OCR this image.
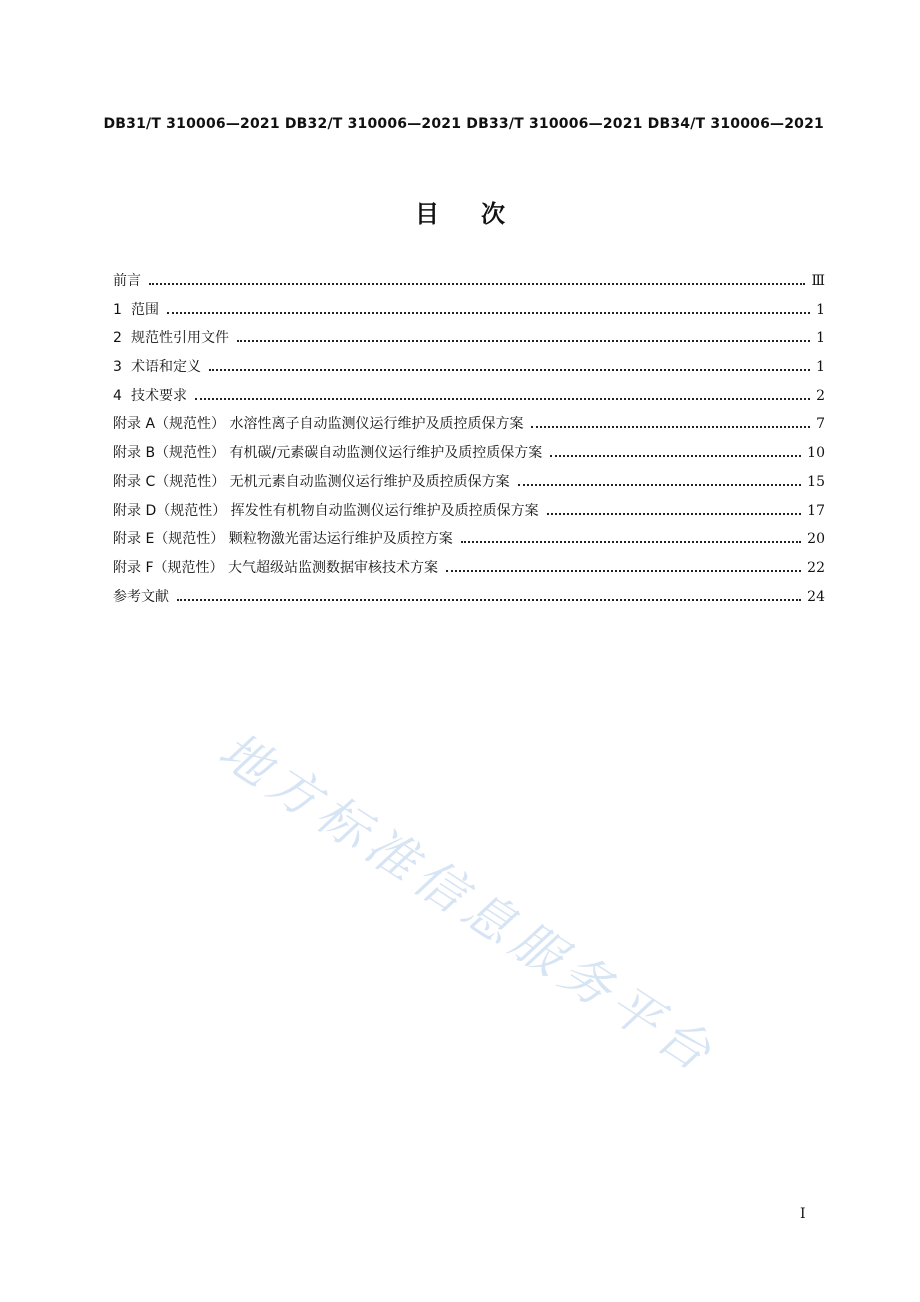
DB31/T 310006—2021 DB32/T 310006—2021 DB33/T 310006—2021 DB34/T 310006—2021
目次
前言	Ⅲ
1 范围	1
2 规范性引用文件	1
3 术语和定义	1
4 技术要求	2
附录 A（规范性） 水溶性离子自动监测仪运行维护及质控质保方案	7
附录 B（规范性） 有机碳/元素碳自动监测仪运行维护及质控质保方案	10
附录 C（规范性） 无机元素自动监测仪运行维护及质控质保方案	15
附录 D（规范性） 挥发性有机物自动监测仪运行维护及质控质保方案	17
附录 E（规范性） 颗粒物激光雷达运行维护及质控方案	20
附录 F（规范性） 大气超级站监测数据审核技术方案	22
参考文献	24
地方标准信息服务平台
I
